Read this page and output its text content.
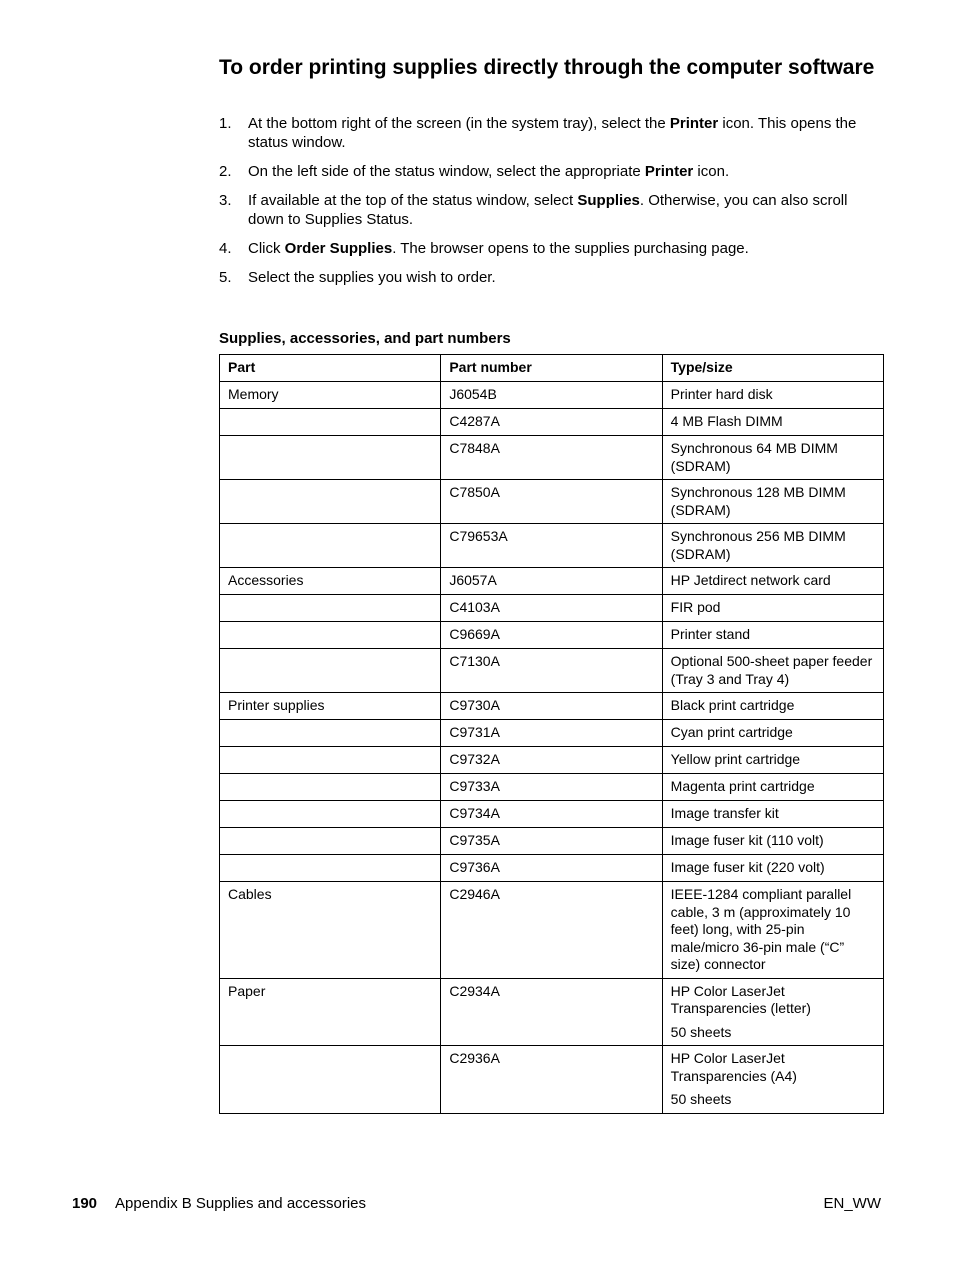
To order printing supplies directly through the computer software
1. At the bottom right of the screen (in the system tray), select the Printer icon. This opens the status window.
2. On the left side of the status window, select the appropriate Printer icon.
3. If available at the top of the status window, select Supplies. Otherwise, you can also scroll down to Supplies Status.
4. Click Order Supplies. The browser opens to the supplies purchasing page.
5. Select the supplies you wish to order.

Supplies, accessories, and part numbers

Part	Part number	Type/size
Memory	J6054B	Printer hard disk

	C4287A	4 MB Flash DIMM

	C7848A	Synchronous 64 MB DIMM (SDRAM)

	C7850A	Synchronous 128 MB DIMM (SDRAM)

	C79653A	Synchronous 256 MB DIMM (SDRAM)

Accessories	J6057A	HP Jetdirect network card

	C4103A	FIR pod

	C9669A	Printer stand

	C7130A	Optional 500-sheet paper feeder (Tray 3 and Tray 4)

Printer supplies	C9730A	Black print cartridge

	C9731A	Cyan print cartridge

	C9732A	Yellow print cartridge

	C9733A	Magenta print cartridge

	C9734A	Image transfer kit

	C9735A	Image fuser kit (110 volt)

	C9736A	Image fuser kit (220 volt)

Cables	C2946A	IEEE-1284 compliant parallel cable, 3 m (approximately 10 feet) long, with 25-pin male/micro 36-pin male (“C” size) connector

Paper	C2934A	HP Color LaserJet Transparencies (letter)

50 sheets

	C2936A	HP Color LaserJet Transparencies (A4)

50 sheets

190 Appendix B Supplies and accessories	EN_WW
